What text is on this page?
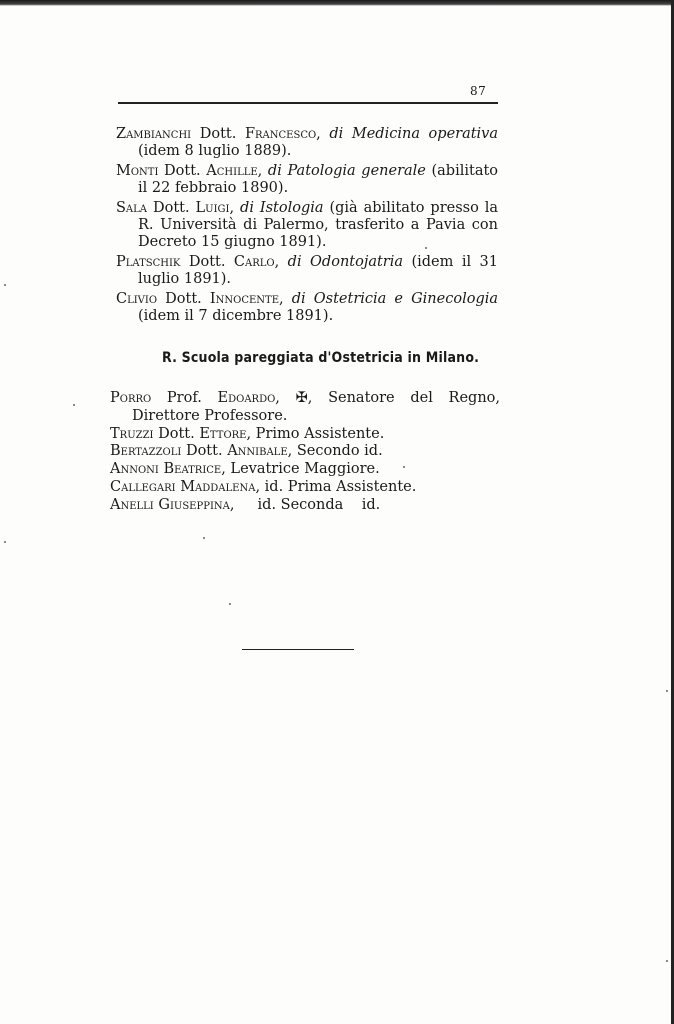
87
Zambianchi Dott. Francesco, di Medicina operativa (idem 8 luglio 1889).
Monti Dott. Achille, di Patologia generale (abilitato il 22 febbraio 1890).
Sala Dott. Luigi, di Istologia (già abilitato presso la R. Università di Palermo, trasferito a Pavia con Decreto 15 giugno 1891).
Platschik Dott. Carlo, di Odontojatria (idem il 31 luglio 1891).
Clivio Dott. Innocente, di Ostetricia e Ginecologia (idem il 7 dicembre 1891).
R. Scuola pareggiata d'Ostetricia in Milano.
Porro Prof. Edoardo, ✠, Senatore del Regno, Direttore Professore.
Truzzi Dott. Ettore, Primo Assistente.
Bertazzoli Dott. Annibale, Secondo id.
Annoni Beatrice, Levatrice Maggiore.
Callegari Maddalena, id. Prima Assistente.
Anelli Giuseppina,     id. Seconda    id.
